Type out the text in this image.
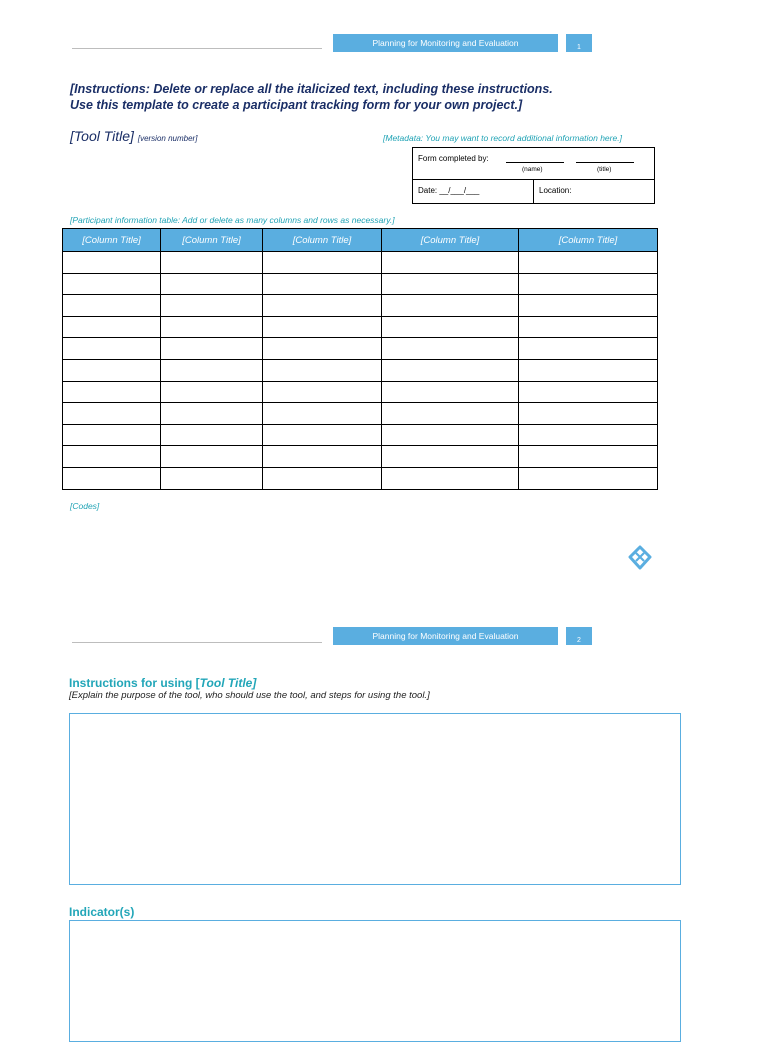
Planning for Monitoring and Evaluation	1
[Instructions: Delete or replace all the italicized text, including these instructions.
Use this template to create a participant tracking form for your own project.]
[Tool Title] [version number]	[Metadata: You may want to record additional information here.]
Form completed by:
(name)	(title)
Date: __/___/___	Location:
[Participant information table: Add or delete as many columns and rows as necessary.]
[Column Title]	[Column Title]	[Column Title]	[Column Title]	[Column Title]

[Codes]
Planning for Monitoring and Evaluation	2
Instructions for using [Tool Title]
[Explain the purpose of the tool, who should use the tool, and steps for using the tool.]
Indicator(s)
